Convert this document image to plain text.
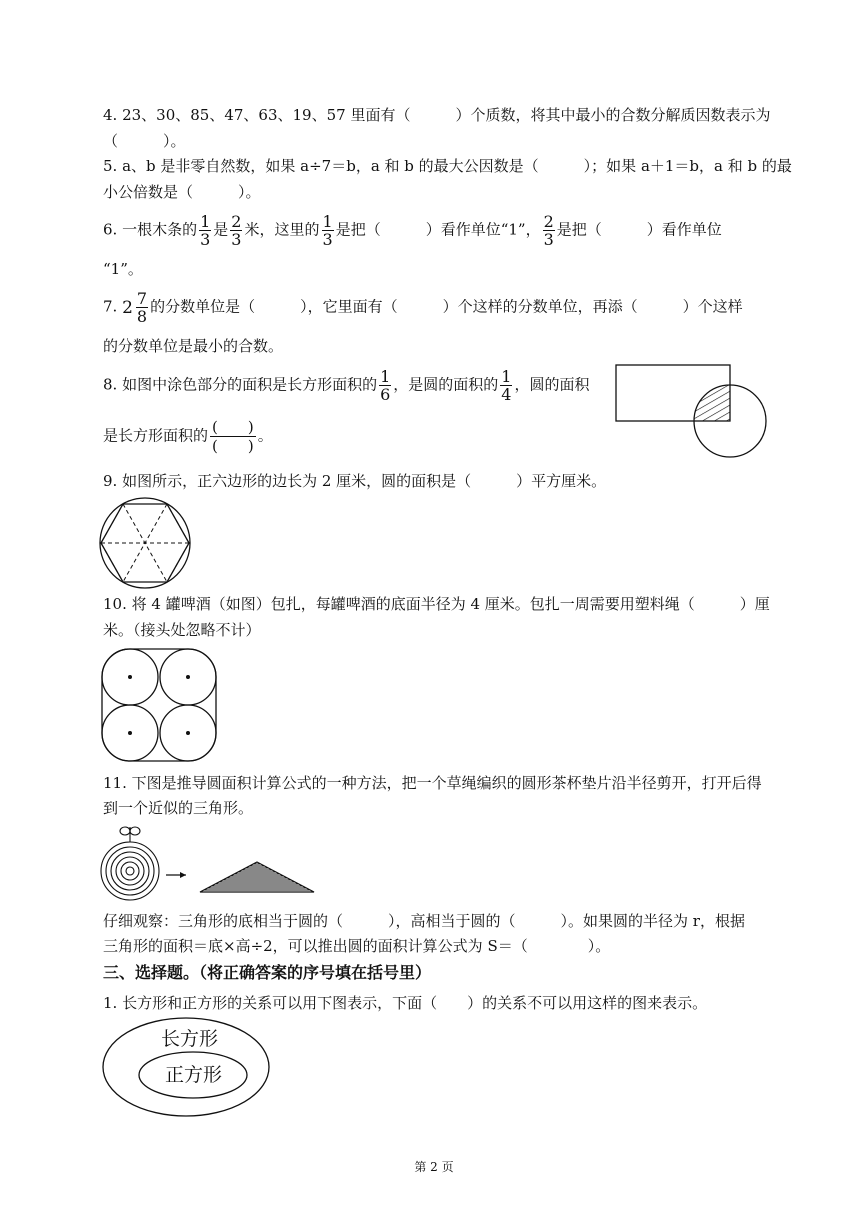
4. 23、30、85、47、63、19、57 里面有（　　　）个质数，将其中最小的合数分解质因数表示为
（　　　）。
5. a、b 是非零自然数，如果 a÷7＝b，a 和 b 的最大公因数是（　　　）；如果 a＋1＝b，a 和 b 的最
小公倍数是（　　　）。
6. 一根木条的 $\frac{1}{3}$ 是 $\frac{2}{3}$ 米，这里的 $\frac{1}{3}$ 是把（　　　）看作单位“1”， $\frac{2}{3}$ 是把（　　　）看作单位
“1”。
7. $2 \frac{7}{8}$ 的分数单位是（　　　），它里面有（　　　）个这样的分数单位，再添（　　　）个这样
的分数单位是最小的合数。
8. 如图中涂色部分的面积是长方形面积的 $\frac{1}{6}$ ，是圆的面积的 $\frac{1}{4}$ ，圆的面积
是长方形面积的 $\frac{( )}{( )}$ 。
9. 如图所示，正六边形的边长为 2 厘米，圆的面积是（　　　）平方厘米。
10. 将 4 罐啤酒（如图）包扎，每罐啤酒的底面半径为 4 厘米。包扎一周需要用塑料绳（　　　）厘
米。（接头处忽略不计）
11. 下图是推导圆面积计算公式的一种方法，把一个草绳编织的圆形茶杯垫片沿半径剪开，打开后得
到一个近似的三角形。
仔细观察：三角形的底相当于圆的（　　　），高相当于圆的（　　　）。如果圆的半径为 r，根据
三角形的面积＝底×高÷2，可以推出圆的面积计算公式为 S＝（　　　　）。
三、选择题。（将正确答案的序号填在括号里）
1. 长方形和正方形的关系可以用下图表示，下面（　　）的关系不可以用这样的图来表示。
长方形
正方形
第 2 页
